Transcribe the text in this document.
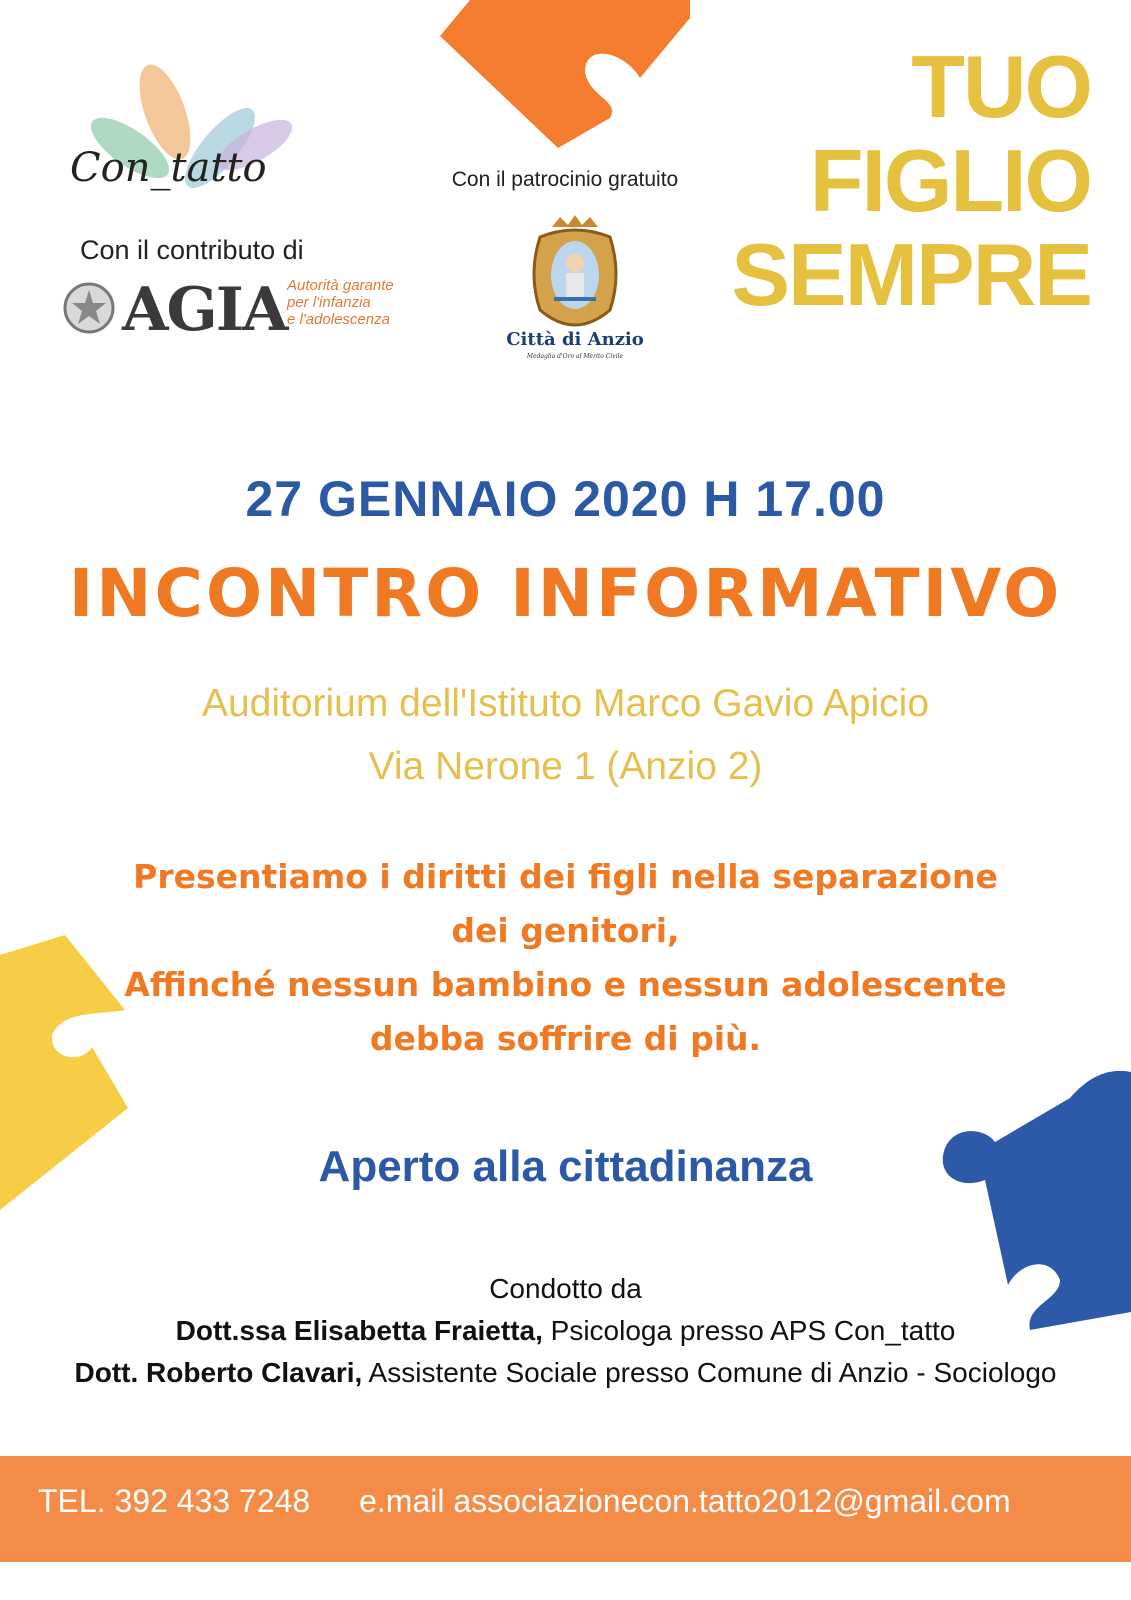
Con_tatto
Con il contributo di
AGIA Autorità garante
per l'infanzia
e l'adolescenza
Con il patrocinio gratuito
Città di Anzio
Medaglia d'Oro al Merito Civile
TUO
FIGLIO
SEMPRE
27 GENNAIO 2020 H 17.00
INCONTRO INFORMATIVO
Auditorium dell'Istituto Marco Gavio Apicio
Via Nerone 1 (Anzio 2)
Presentiamo i diritti dei figli nella separazione
dei genitori,
Affinché nessun bambino e nessun adolescente
debba soffrire di più.
Aperto alla cittadinanza
Condotto da
Dott.ssa Elisabetta Fraietta, Psicologa presso APS Con_tatto
Dott. Roberto Clavari, Assistente Sociale presso Comune di Anzio - Sociologo
TEL. 392 433 7248 e.mail associazionecon.tatto2012@gmail.com
